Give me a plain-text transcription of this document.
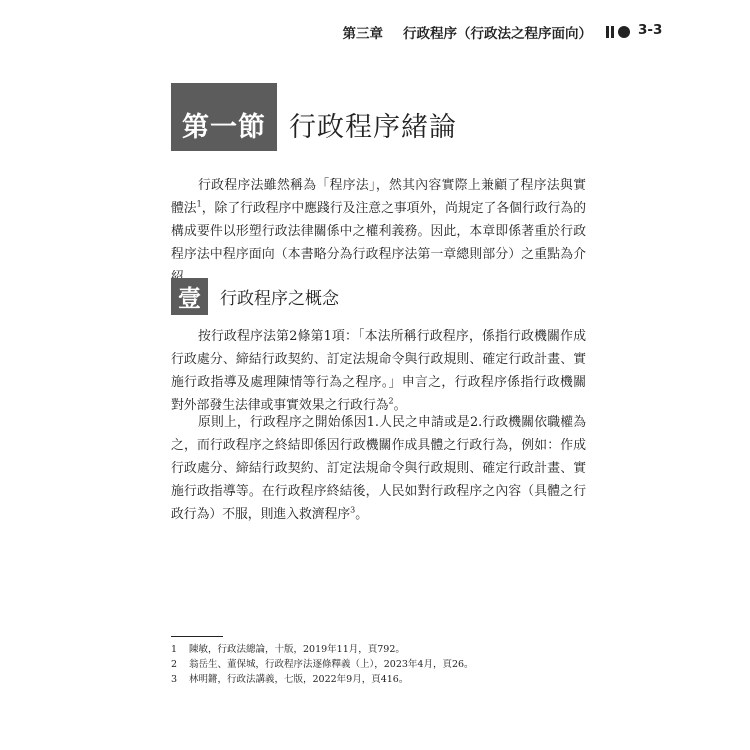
第三章 行政程序（行政法之程序面向）	3-3
第一節 行政程序緒論

行政程序法雖然稱為「程序法」，然其內容實際上兼顧了程序法與實體法$^1$，除了行政程序中應踐行及注意之事項外，尚規定了各個行政行為的構成要件以形塑行政法律關係中之權利義務。因此，本章即係著重於行政程序法中程序面向（本書略分為行政程序法第一章總則部分）之重點為介

壹	行政程序之概念

按行政程序法第2條第1項：「本法所稱行政程序，係指行政機關作成行政處分、締結行政契約、訂定法規命令與行政規則、確定行政計畫、實施行政指導及處理陳情等行為之程序。」申言之，行政程序係指行政機關對外部發生法律或事實效果之行政行為$^2$。

原則上，行政程序之開始係因1.人民之申請或是2.行政機關依職權為之，而行政程序之終結即係因行政機關作成具體之行政行為，例如：作成行政處分、締結行政契約、訂定法規命令與行政規則、確定行政計畫、實施行政指導等。在行政程序終結後，人民如對行政程序之內容（具體之行政行為）不服，則進入救濟程序$^3$。

1	陳敏，行政法總論，十版，2019年11月，頁792。
2	翁岳生、董保城，行政程序法逐條釋義（上），2023年4月，頁26。
3	林明鏘，行政法講義，七版，2022年9月，頁416。
